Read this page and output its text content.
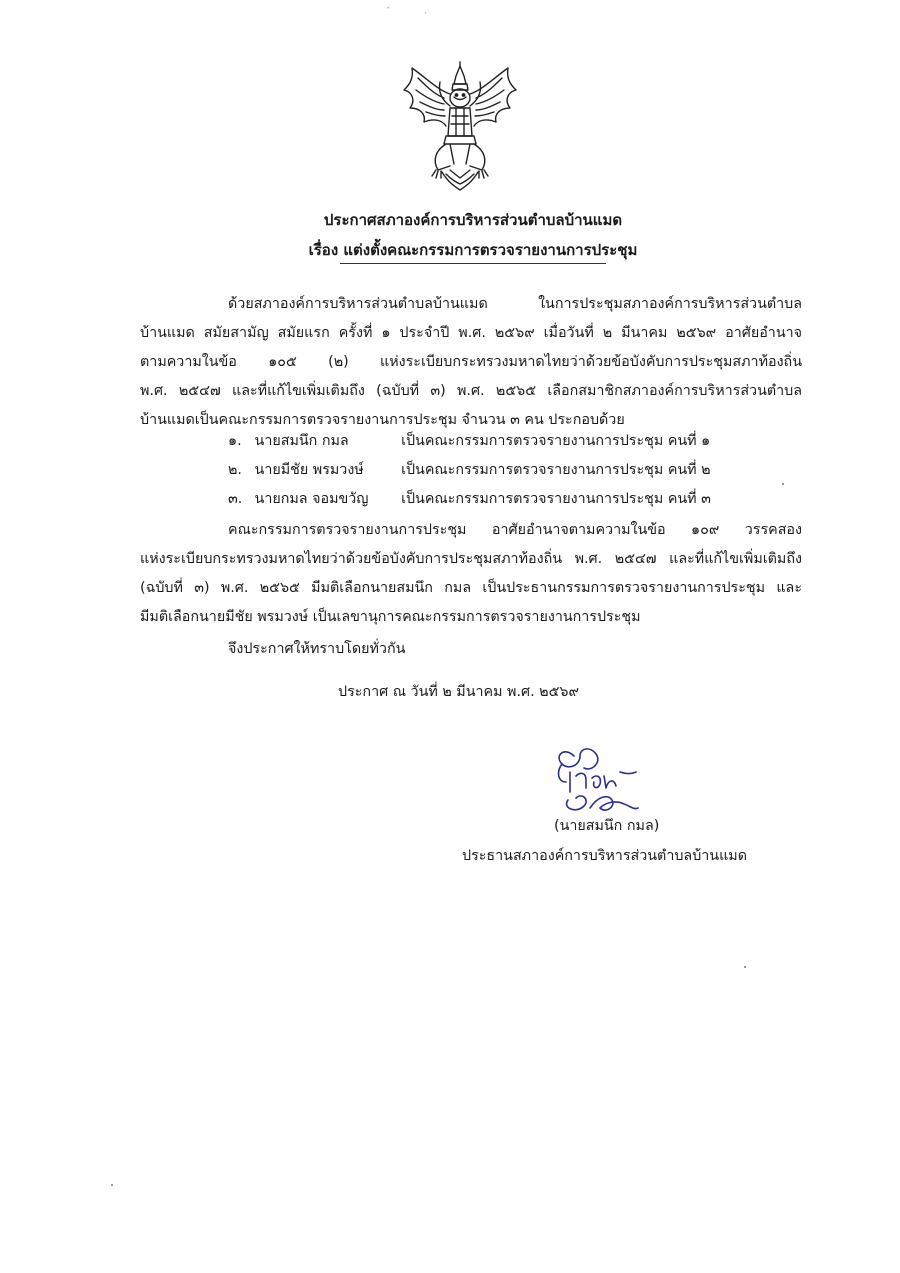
ˆ	·
ประกาศสภาองค์การบริหารส่วนตำบลบ้านแมด
เรื่อง แต่งตั้งคณะกรรมการตรวจรายงานการประชุม
ด้วยสภาองค์การบริหารส่วนตำบลบ้านแมด ในการประชุมสภาองค์การบริหารส่วนตำบล
บ้านแมด สมัยสามัญ สมัยแรก ครั้งที่ ๑ ประจำปี พ.ศ. ๒๕๖๙ เมื่อวันที่ ๒ มีนาคม ๒๕๖๙ อาศัยอำนาจ
ตามความในข้อ ๑๐๕ (๒) แห่งระเบียบกระทรวงมหาดไทยว่าด้วยข้อบังคับการประชุมสภาท้องถิ่น
พ.ศ. ๒๕๔๗ และที่แก้ไขเพิ่มเติมถึง (ฉบับที่ ๓) พ.ศ. ๒๕๖๕ เลือกสมาชิกสภาองค์การบริหารส่วนตำบล
บ้านแมดเป็นคณะกรรมการตรวจรายงานการประชุม จำนวน ๓ คน ประกอบด้วย
๑. นายสมนึก กมล	เป็นคณะกรรมการตรวจรายงานการประชุม คนที่ ๑
๒. นายมีชัย พรมวงษ์	เป็นคณะกรรมการตรวจรายงานการประชุม คนที่ ๒
๓. นายกมล จอมขวัญ เป็นคณะกรรมการตรวจรายงานการประชุม คนที่ ๓
คณะกรรมการตรวจรายงานการประชุม อาศัยอำนาจตามความในข้อ ๑๐๙ วรรคสอง
แห่งระเบียบกระทรวงมหาดไทยว่าด้วยข้อบังคับการประชุมสภาท้องถิ่น พ.ศ. ๒๕๔๗ และที่แก้ไขเพิ่มเติมถึง
(ฉบับที่ ๓) พ.ศ. ๒๕๖๕ มีมติเลือกนายสมนึก กมล เป็นประธานกรรมการตรวจรายงานการประชุม และ
มีมติเลือกนายมีชัย พรมวงษ์ เป็นเลขานุการคณะกรรมการตรวจรายงานการประชุม
จึงประกาศให้ทราบโดยทั่วกัน
ประกาศ ณ วันที่ ๒ มีนาคม พ.ศ. ๒๕๖๙
(นายสมนึก กมล)
ประธานสภาองค์การบริหารส่วนตำบลบ้านแมด
